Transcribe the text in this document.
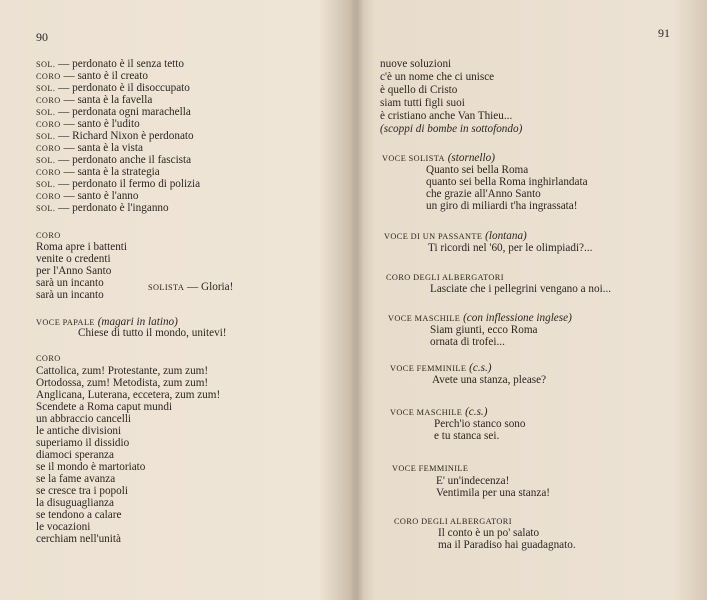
90
SOL. — perdonato è il senza tetto
CORO — santo è il creato
SOL. — perdonato è il disoccupato
CORO — santa è la favella
SOL. — perdonata ogni marachella
CORO — santo è l'udito
SOL. — Richard Nixon è perdonato
CORO — santa è la vista
SOL. — perdonato anche il fascista
CORO — santa è la strategia
SOL. — perdonato il fermo di polizia
CORO — santo è l'anno
SOL. — perdonato è l'inganno
CORO
Roma apre i battenti
venite o credenti
per l'Anno Santo
sarà un incanto	SOLISTA — Gloria!
sarà un incanto
VOCE PAPALE (magari in latino)
Chiese di tutto il mondo, unitevi!
CORO
Cattolica, zum! Protestante, zum zum!
Ortodossa, zum! Metodista, zum zum!
Anglicana, Luterana, eccetera, zum zum!
Scendete a Roma caput mundi
un abbraccio cancelli
le antiche divisioni
superiamo il dissidio
diamoci speranza
se il mondo è martoriato
se la fame avanza
se cresce tra i popoli
la disuguaglianza
se tendono a calare
le vocazioni
cerchiam nell'unità
91
nuove soluzioni
c'è un nome che ci unisce
è quello di Cristo
siam tutti figli suoi
è cristiano anche Van Thieu...
(scoppi di bombe in sottofondo)
VOCE SOLISTA (stornello)
Quanto sei bella Roma
quanto sei bella Roma inghirlandata
che grazie all'Anno Santo
un giro di miliardi t'ha ingrassata!
VOCE DI UN PASSANTE (lontana)
Ti ricordi nel '60, per le olimpiadi?...
CORO DEGLI ALBERGATORI
Lasciate che i pellegrini vengano a noi...
VOCE MASCHILE (con inflessione inglese)
Siam giunti, ecco Roma
ornata di trofei...
VOCE FEMMINILE (c.s.)
Avete una stanza, please?
VOCE MASCHILE (c.s.)
Perch'io stanco sono
e tu stanca sei.
VOCE FEMMINILE
E' un'indecenza!
Ventimila per una stanza!
CORO DEGLI ALBERGATORI
Il conto è un po' salato
ma il Paradiso hai guadagnato.
